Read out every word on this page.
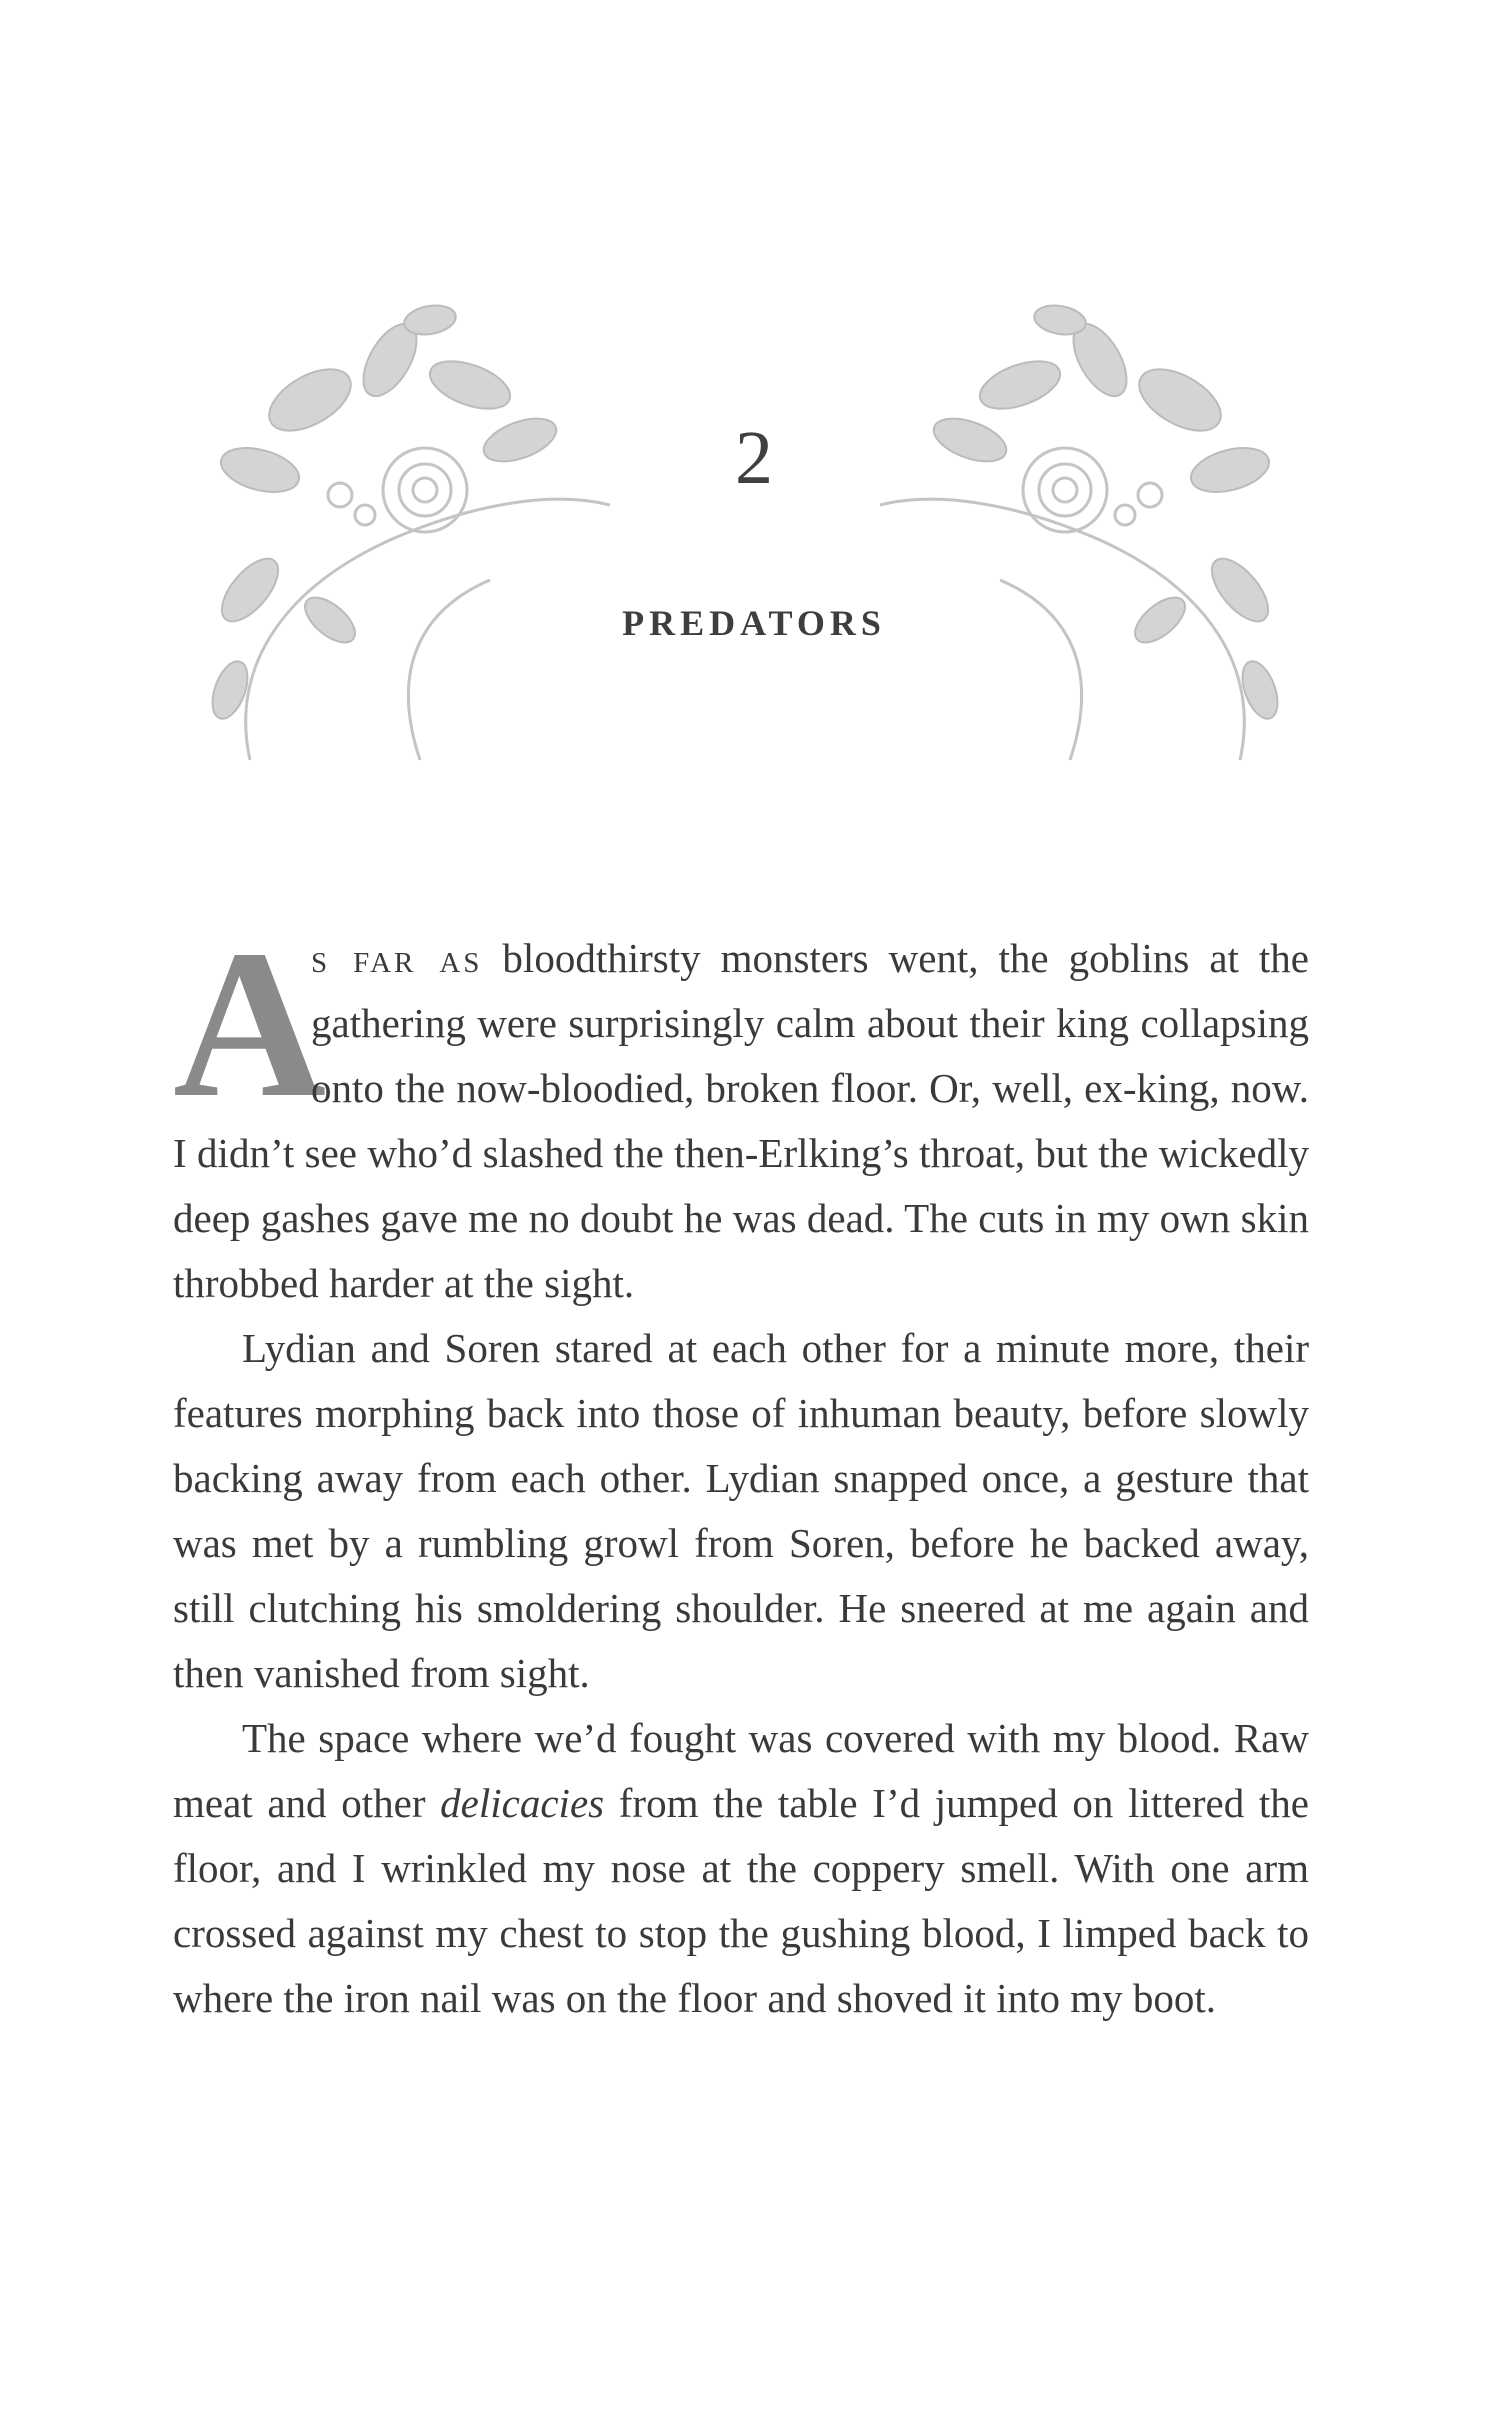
2
PREDATORS

A
s far as bloodthirsty monsters went, the goblins at the gathering were surprisingly calm about their king collapsing onto the now-bloodied, broken floor. Or, well, ex-king, now. I didn’t see who’d slashed the then-Erlking’s throat, but the wickedly deep gashes gave me no doubt he was dead. The cuts in my own skin throbbed harder at the sight.

Lydian and Soren stared at each other for a minute more, their features morphing back into those of inhuman beauty, before slowly backing away from each other. Lydian snapped once, a gesture that was met by a rumbling growl from Soren, before he backed away, still clutching his smoldering shoulder. He sneered at me again and then vanished from sight.

The space where we’d fought was covered with my blood. Raw meat and other delicacies from the table I’d jumped on littered the floor, and I wrinkled my nose at the coppery smell. With one arm crossed against my chest to stop the gushing blood, I limped back to where the iron nail was on the floor and shoved it into my boot.
